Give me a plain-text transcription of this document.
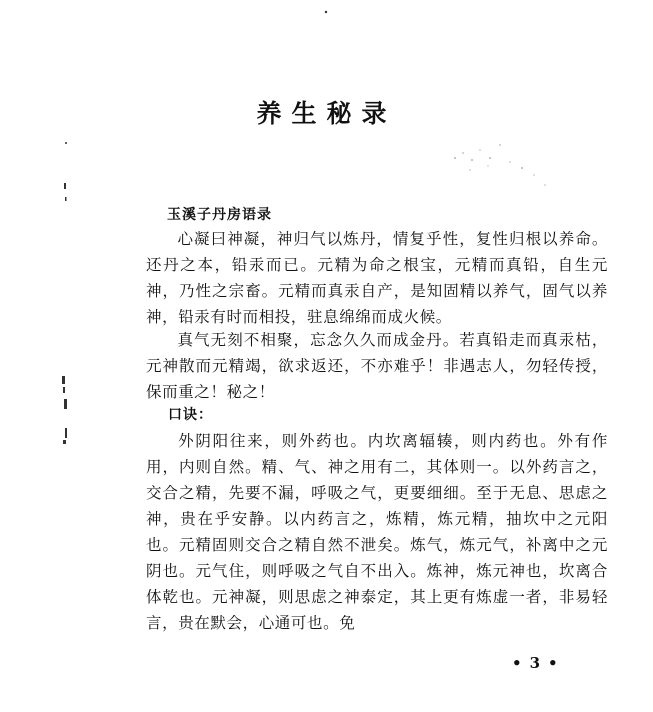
养生秘录
玉溪子丹房语录
心凝曰神凝，神归气以炼丹，情复乎性，复性归根以养命。还丹之本，铅汞而已。元精为命之根宝，元精而真铅，自生元神，乃性之宗畜。元精而真汞自产，是知固精以养气，固气以养神，铅汞有时而相投，驻息绵绵而成火候。
真气无刻不相聚，忘念久久而成金丹。若真铅走而真汞枯，元神散而元精竭，欲求返还，不亦难乎！非遇志人，勿轻传授，保而重之！秘之！
口诀：
外阴阳往来，则外药也。内坎离辐辏，则内药也。外有作用，内则自然。精、气、神之用有二，其体则一。以外药言之，交合之精，先要不漏，呼吸之气，更要细细。至于无息、思虑之神，贵在乎安静。以内药言之，炼精，炼元精，抽坎中之元阳也。元精固则交合之精自然不泄矣。炼气，炼元气，补离中之元阴也。元气住，则呼吸之气自不出入。炼神，炼元神也，坎离合体乾也。元神凝，则思虑之神泰定，其上更有炼虚一者，非易轻言，贵在默会，心通可也。免
•3•
